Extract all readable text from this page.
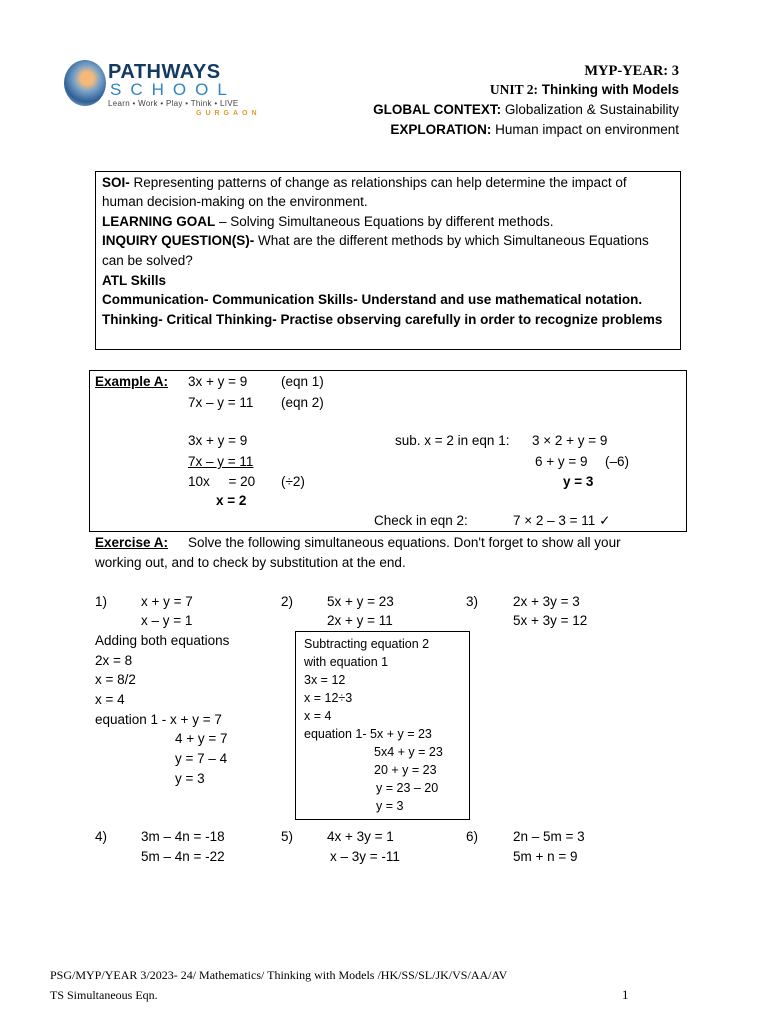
PATHWAYS
SCHOOL
Learn • Work • Play • Think • LIVE
GURGAON
MYP-YEAR: 3
UNIT 2: Thinking with Models
GLOBAL CONTEXT: Globalization & Sustainability
EXPLORATION: Human impact on environment
SOI- Representing patterns of change as relationships can help determine the impact of
human decision-making on the environment.
LEARNING GOAL – Solving Simultaneous Equations by different methods.
INQUIRY QUESTION(S)- What are the different methods by which Simultaneous Equations
can be solved?
ATL Skills
Communication- Communication Skills- Understand and use mathematical notation.
Thinking- Critical Thinking- Practise observing carefully in order to recognize problems
Example A: 3x + y = 9 (eqn 1)
7x – y = 11 (eqn 2)
3x + y = 9
7x – y = 11
10x     = 20 (÷2)
x = 2
sub. x = 2 in eqn 1: 3 × 2 + y = 9
6 + y = 9 (–6)
y = 3
Check in eqn 2:	7 × 2 – 3 = 11 ✓
Exercise A: Solve the following simultaneous equations. Don't forget to show all your
working out, and to check by substitution at the end.
1)	x + y = 7
x – y = 1
2)	5x + y = 23
2x + y = 11
3)	2x + 3y = 3
5x + 3y = 12
Adding both equations
2x = 8
x = 8/2
x = 4
equation 1 - x + y = 7
4 + y = 7
y = 7 – 4
y = 3
Subtracting equation 2
with equation 1
3x = 12
x = 12÷3
x = 4
equation 1- 5x + y = 23
5x4 + y = 23
20 + y = 23
y = 23 – 20
y = 3
4)	3m – 4n = -18
5m – 4n = -22
5)	4x + 3y = 1
x – 3y = -11
6)	2n – 5m = 3
5m + n = 9
PSG/MYP/YEAR 3/2023- 24/ Mathematics/ Thinking with Models /HK/SS/SL/JK/VS/AA/AV
TS Simultaneous Eqn.	1
